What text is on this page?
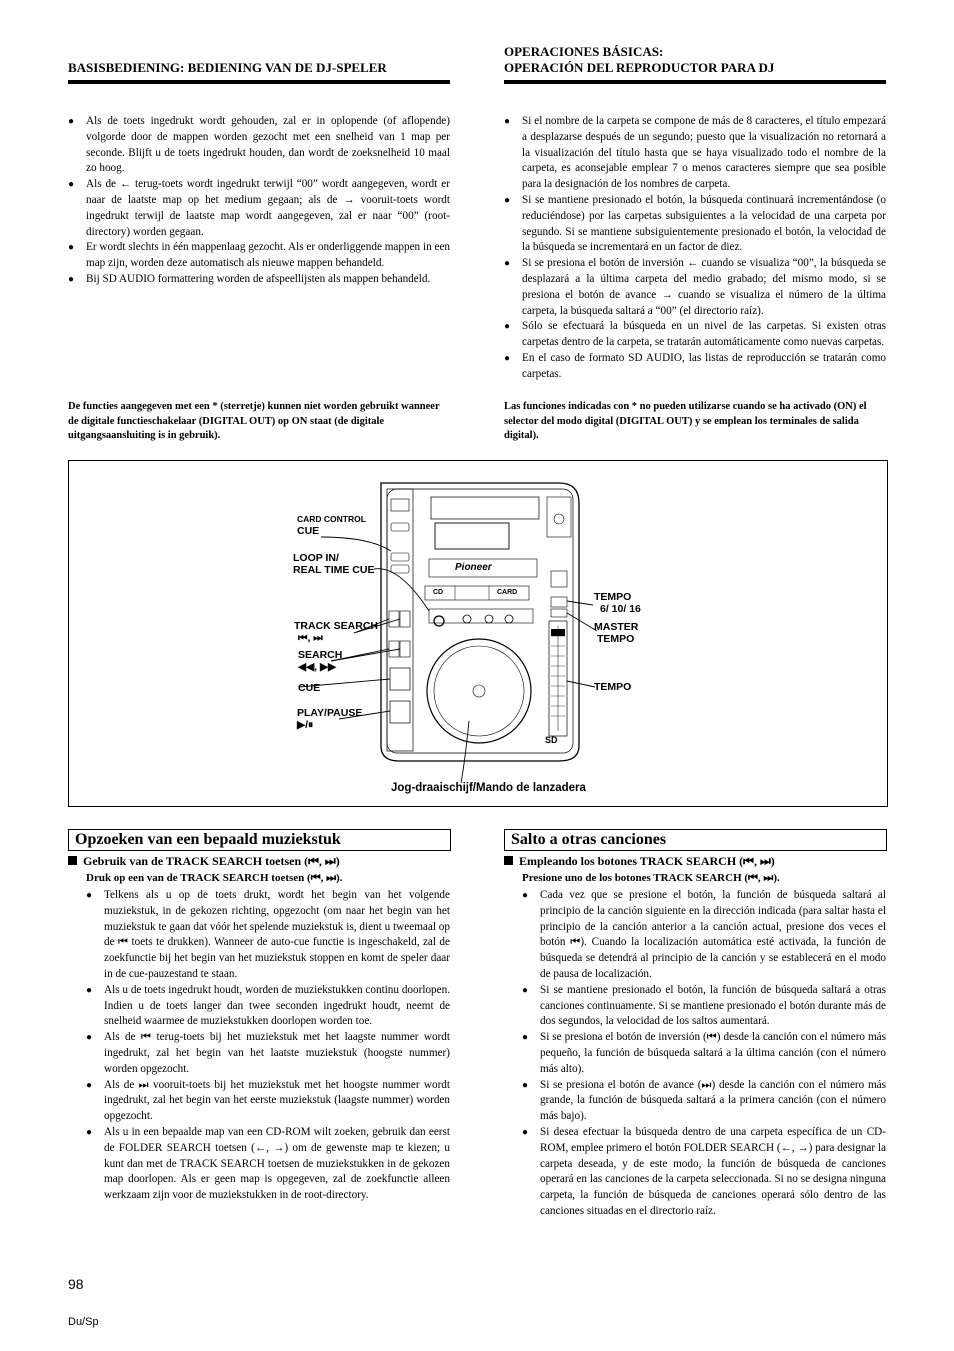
BASISBEDIENING: BEDIENING VAN DE DJ-SPELER
● Als de toets ingedrukt wordt gehouden, zal er in oplopende (of aflopende) volgorde door de mappen worden gezocht met een snelheid van 1 map per seconde. Blijft u de toets ingedrukt houden, dan wordt de zoeksnelheid 10 maal zo hoog.
● Als de ← terug-toets wordt ingedrukt terwijl “00” wordt aangegeven, wordt er naar de laatste map op het medium gegaan; als de → vooruit-toets wordt ingedrukt terwijl de laatste map wordt aangegeven, zal er naar “00” (root-directory) worden gegaan.
● Er wordt slechts in één mappenlaag gezocht. Als er onderliggende mappen in een map zijn, worden deze automatisch als nieuwe mappen behandeld.
● Bij SD AUDIO formattering worden de afspeellijsten als mappen behandeld.
De functies aangegeven met een * (sterretje) kunnen niet worden gebruikt wanneer de digitale functieschakelaar (DIGITAL OUT) op ON staat (de digitale uitgangsaansluiting is in gebruik).
OPERACIONES BÁSICAS:
OPERACIÓN DEL REPRODUCTOR PARA DJ
● Si el nombre de la carpeta se compone de más de 8 caracteres, el título empezará a desplazarse después de un segundo; puesto que la visualización no retornará a la visualización del título hasta que se haya visualizado todo el nombre de la carpeta, es aconsejable emplear 7 o menos caracteres siempre que sea posible para la designación de los nombres de carpeta.
● Si se mantiene presionado el botón, la búsqueda continuará incrementándose (o reduciéndose) por las carpetas subsiguientes a la velocidad de una carpeta por segundo. Si se mantiene subsiguientemente presionado el botón, la velocidad de la búsqueda se incrementará en un factor de diez.
● Si se presiona el botón de inversión ← cuando se visualiza “00”, la búsqueda se desplazará a la última carpeta del medio grabado; del mismo modo, si se presiona el botón de avance → cuando se visualiza el número de la última carpeta, la búsqueda saltará a “00” (el directorio raíz).
● Sólo se efectuará la búsqueda en un nivel de las carpetas. Si existen otras carpetas dentro de la carpeta, se tratarán automáticamente como nuevas carpetas.
● En el caso de formato SD AUDIO, las listas de reproducción se tratarán como carpetas.
Las funciones indicadas con * no pueden utilizarse cuando se ha activado (ON) el selector del modo digital (DIGITAL OUT) y se emplean los terminales de salida digital).
SD
CARD CONTROL
CUE
LOOP IN/
REAL TIME CUE
TRACK SEARCH
⏮, ⏭
SEARCH
◀◀, ▶▶
CUE
PLAY/PAUSE
▶/⏸
TEMPO
6/ 10/ 16
MASTER
TEMPO
TEMPO
Jog-draaischijf/Mando de lanzadera
Pioneer
CD	CARD
Opzoeken van een bepaald muziekstuk
Gebruik van de TRACK SEARCH toetsen (⏮, ⏭)
Druk op een van de TRACK SEARCH toetsen (⏮, ⏭).
● Telkens als u op de toets drukt, wordt het begin van het volgende muziekstuk, in de gekozen richting, opgezocht (om naar het begin van het muziekstuk te gaan dat vóór het spelende muziekstuk is, dient u tweemaal op de ⏮ toets te drukken). Wanneer de auto-cue functie is ingeschakeld, zal de zoekfunctie bij het begin van het muziekstuk stoppen en komt de speler daar in de cue-pauzestand te staan.
● Als u de toets ingedrukt houdt, worden de muziekstukken continu doorlopen. Indien u de toets langer dan twee seconden ingedrukt houdt, neemt de snelheid waarmee de muziekstukken doorlopen worden toe.
● Als de ⏮ terug-toets bij het muziekstuk met het laagste nummer wordt ingedrukt, zal het begin van het laatste muziekstuk (hoogste nummer) worden opgezocht.
● Als de ⏭ vooruit-toets bij het muziekstuk met het hoogste nummer wordt ingedrukt, zal het begin van het eerste muziekstuk (laagste nummer) worden opgezocht.
● Als u in een bepaalde map van een CD-ROM wilt zoeken, gebruik dan eerst de FOLDER SEARCH toetsen (←, →) om de gewenste map te kiezen; u kunt dan met de TRACK SEARCH toetsen de muziekstukken in de gekozen map doorlopen. Als er geen map is opgegeven, zal de zoekfunctie alleen werkzaam zijn voor de muziekstukken in de root-directory.
Salto a otras canciones
Empleando los botones TRACK SEARCH (⏮, ⏭)
Presione uno de los botones TRACK SEARCH (⏮, ⏭).
● Cada vez que se presione el botón, la función de búsqueda saltará al principio de la canción siguiente en la dirección indicada (para saltar hasta el principio de la canción anterior a la canción actual, presione dos veces el botón ⏮). Cuando la localización automática esté activada, la función de búsqueda se detendrá al principio de la canción y se establecerá en el modo de pausa de localización.
● Si se mantiene presionado el botón, la función de búsqueda saltará a otras canciones continuamente. Si se mantiene presionado el botón durante más de dos segundos, la velocidad de los saltos aumentará.
● Si se presiona el botón de inversión (⏮) desde la canción con el número más pequeño, la función de búsqueda saltará a la última canción (con el número más alto).
● Si se presiona el botón de avance (⏭) desde la canción con el número más grande, la función de búsqueda saltará a la primera canción (con el número más bajo).
● Si desea efectuar la búsqueda dentro de una carpeta específica de un CD-ROM, emplee primero el botón FOLDER SEARCH (←, →) para designar la carpeta deseada, y de este modo, la función de búsqueda de canciones operará en las canciones de la carpeta seleccionada. Si no se designa ninguna carpeta, la función de búsqueda de canciones operará sólo dentro de las canciones situadas en el directorio raíz.
98
Du/Sp
